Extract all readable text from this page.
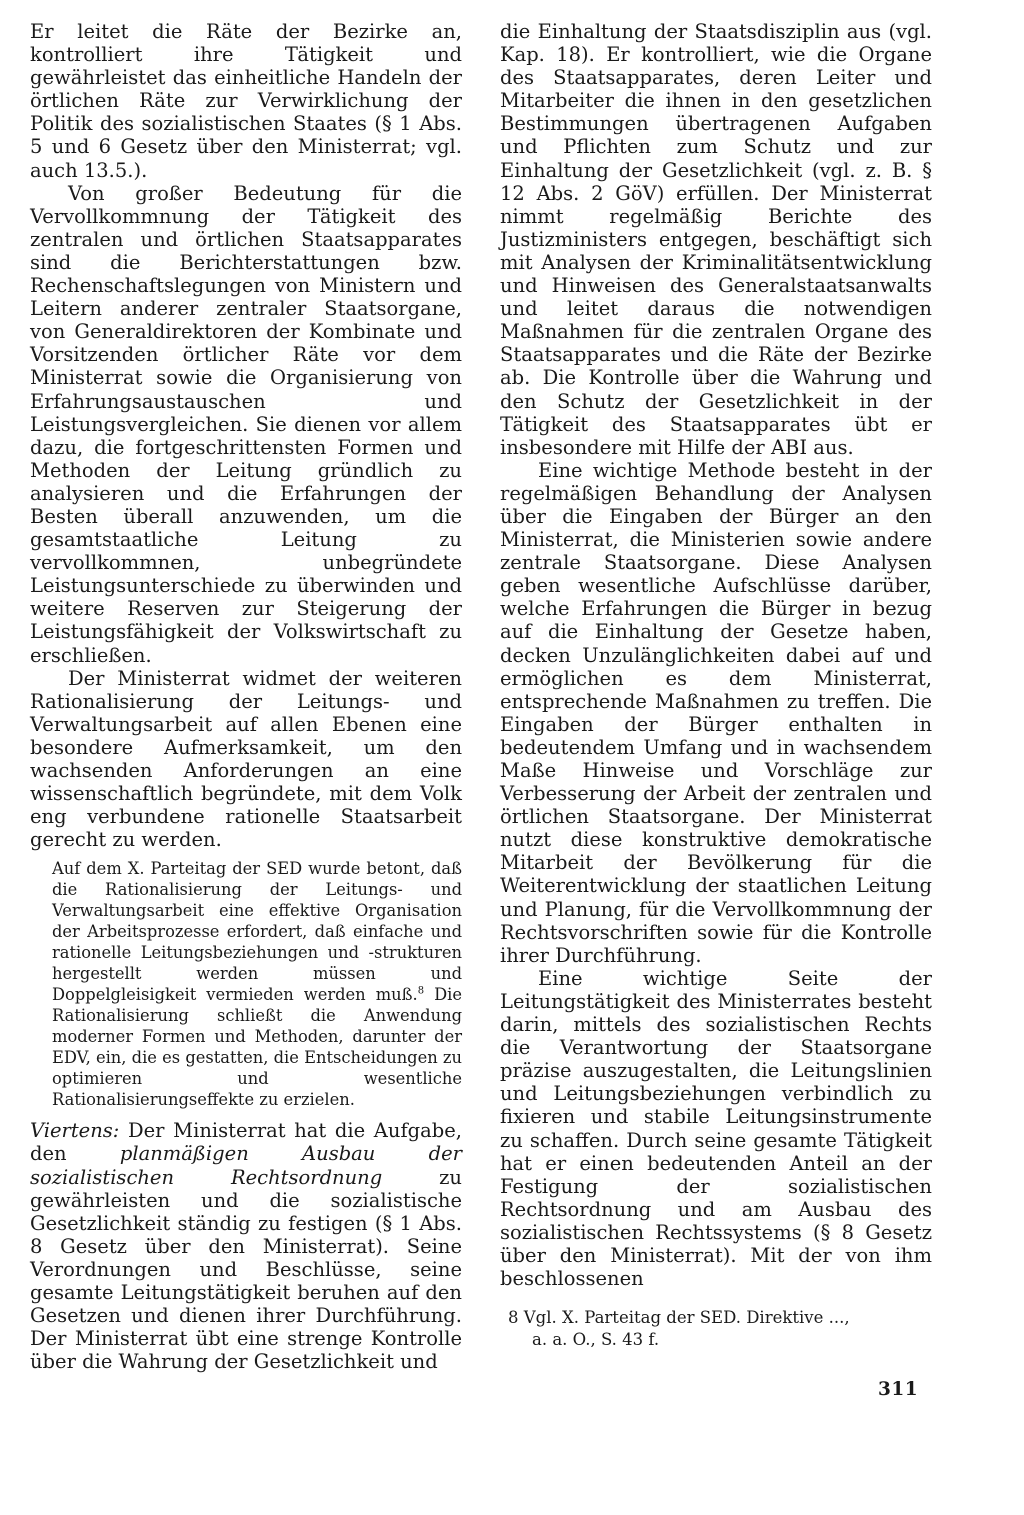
Er leitet die Räte der Bezirke an, kontrolliert ihre Tätigkeit und gewährleistet das einheitliche Handeln der örtlichen Räte zur Verwirklichung der Politik des sozialistischen Staates (§ 1 Abs. 5 und 6 Gesetz über den Ministerrat; vgl. auch 13.5.).

Von großer Bedeutung für die Vervollkommnung der Tätigkeit des zentralen und örtlichen Staatsapparates sind die Berichterstattungen bzw. Rechenschaftslegungen von Ministern und Leitern anderer zentraler Staatsorgane, von Generaldirektoren der Kombinate und Vorsitzenden örtlicher Räte vor dem Ministerrat sowie die Organisierung von Erfahrungsaustauschen und Leistungsvergleichen. Sie dienen vor allem dazu, die fortgeschrittensten Formen und Methoden der Leitung gründlich zu analysieren und die Erfahrungen der Besten überall anzuwenden, um die gesamtstaatliche Leitung zu vervollkommnen, unbegründete Leistungsunterschiede zu überwinden und weitere Reserven zur Steigerung der Leistungsfähigkeit der Volkswirtschaft zu erschließen.

Der Ministerrat widmet der weiteren Rationalisierung der Leitungs- und Verwaltungsarbeit auf allen Ebenen eine besondere Aufmerksamkeit, um den wachsenden Anforderungen an eine wissenschaftlich begründete, mit dem Volk eng verbundene rationelle Staatsarbeit gerecht zu werden.

Auf dem X. Parteitag der SED wurde betont, daß die Rationalisierung der Leitungs- und Verwaltungsarbeit eine effektive Organisation der Arbeitsprozesse erfordert, daß einfache und rationelle Leitungsbeziehungen und -strukturen hergestellt werden müssen und Doppelgleisigkeit vermieden werden muß.$^8$ Die Rationalisierung schließt die Anwendung moderner Formen und Methoden, darunter der EDV, ein, die es gestatten, die Entscheidungen zu optimieren und wesentliche Rationalisierungseffekte zu erzielen.

Viertens: Der Ministerrat hat die Aufgabe, den planmäßigen Ausbau der sozialistischen Rechtsordnung zu gewährleisten und die sozialistische Gesetzlichkeit ständig zu festigen (§ 1 Abs. 8 Gesetz über den Ministerrat). Seine Verordnungen und Beschlüsse, seine gesamte Leitungstätigkeit beruhen auf den Gesetzen und dienen ihrer Durchführung. Der Ministerrat übt eine strenge Kontrolle über die Wahrung der Gesetzlichkeit und

die Einhaltung der Staatsdisziplin aus (vgl. Kap. 18). Er kontrolliert, wie die Organe des Staatsapparates, deren Leiter und Mitarbeiter die ihnen in den gesetzlichen Bestimmungen übertragenen Aufgaben und Pflichten zum Schutz und zur Einhaltung der Gesetzlichkeit (vgl. z. B. § 12 Abs. 2 GöV) erfüllen. Der Ministerrat nimmt regelmäßig Berichte des Justizministers entgegen, beschäftigt sich mit Analysen der Kriminalitätsentwicklung und Hinweisen des Generalstaatsanwalts und leitet daraus die notwendigen Maßnahmen für die zentralen Organe des Staatsapparates und die Räte der Bezirke ab. Die Kontrolle über die Wahrung und den Schutz der Gesetzlichkeit in der Tätigkeit des Staatsapparates übt er insbesondere mit Hilfe der ABI aus.

Eine wichtige Methode besteht in der regelmäßigen Behandlung der Analysen über die Eingaben der Bürger an den Ministerrat, die Ministerien sowie andere zentrale Staatsorgane. Diese Analysen geben wesentliche Aufschlüsse darüber, welche Erfahrungen die Bürger in bezug auf die Einhaltung der Gesetze haben, decken Unzulänglichkeiten dabei auf und ermöglichen es dem Ministerrat, entsprechende Maßnahmen zu treffen. Die Eingaben der Bürger enthalten in bedeutendem Umfang und in wachsendem Maße Hinweise und Vorschläge zur Verbesserung der Arbeit der zentralen und örtlichen Staatsorgane. Der Ministerrat nutzt diese konstruktive demokratische Mitarbeit der Bevölkerung für die Weiterentwicklung der staatlichen Leitung und Planung, für die Vervollkommnung der Rechtsvorschriften sowie für die Kontrolle ihrer Durchführung.

Eine wichtige Seite der Leitungstätigkeit des Ministerrates besteht darin, mittels des sozialistischen Rechts die Verantwortung der Staatsorgane präzise auszugestalten, die Leitungslinien und Leitungsbeziehungen verbindlich zu fixieren und stabile Leitungsinstrumente zu schaffen. Durch seine gesamte Tätigkeit hat er einen bedeutenden Anteil an der Festigung der sozialistischen Rechtsordnung und am Ausbau des sozialistischen Rechtssystems (§ 8 Gesetz über den Ministerrat). Mit der von ihm beschlossenen

8 Vgl. X. Parteitag der SED. Direktive ...,
a. a. O., S. 43 f.
311
